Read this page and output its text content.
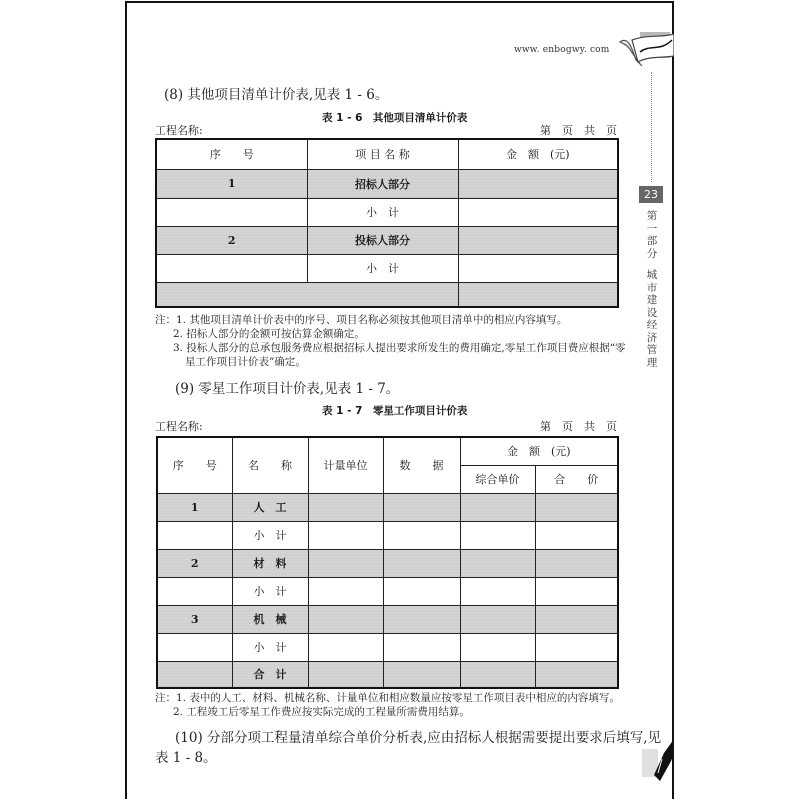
www. enbogwy. com
23
第
一
部
分
城
市
建
设
经
济
管
理
(8) 其他项目清单计价表,见表 1 - 6。
表 1 - 6　其他项目清单计价表
工程名称:	第　页　共　页
序　　号	项 目 名 称	金　额　(元)
1	招标人部分	
	小　计	
2	投标人部分	
	小　计	

注：1. 其他项目清单计价表中的序号、项目名称必须按其他项目清单中的相应内容填写。
2. 招标人部分的金额可按估算金额确定。
3. 投标人部分的总承包服务费应根据招标人提出要求所发生的费用确定,零星工作项目费应根据“零
星工作项目计价表”确定。
(9) 零星工作项目计价表,见表 1 - 7。
表 1 - 7　零星工作项目计价表
工程名称:	第　页　共　页
序　　号	名　　称	计量单位	数　　据	金　额　(元)	
				综合单价	合　　价
1	人　工				
	小　计				
2	材　料				
	小　计				
3	机　械				
	小　计				
	合　计				
注：1. 表中的人工、材料、机械名称、计量单位和相应数量应按零星工作项目表中相应的内容填写。
2. 工程竣工后零星工作费应按实际完成的工程量所需费用结算。
(10) 分部分项工程量清单综合单价分析表,应由招标人根据需要提出要求后填写,见
表 1 - 8。
